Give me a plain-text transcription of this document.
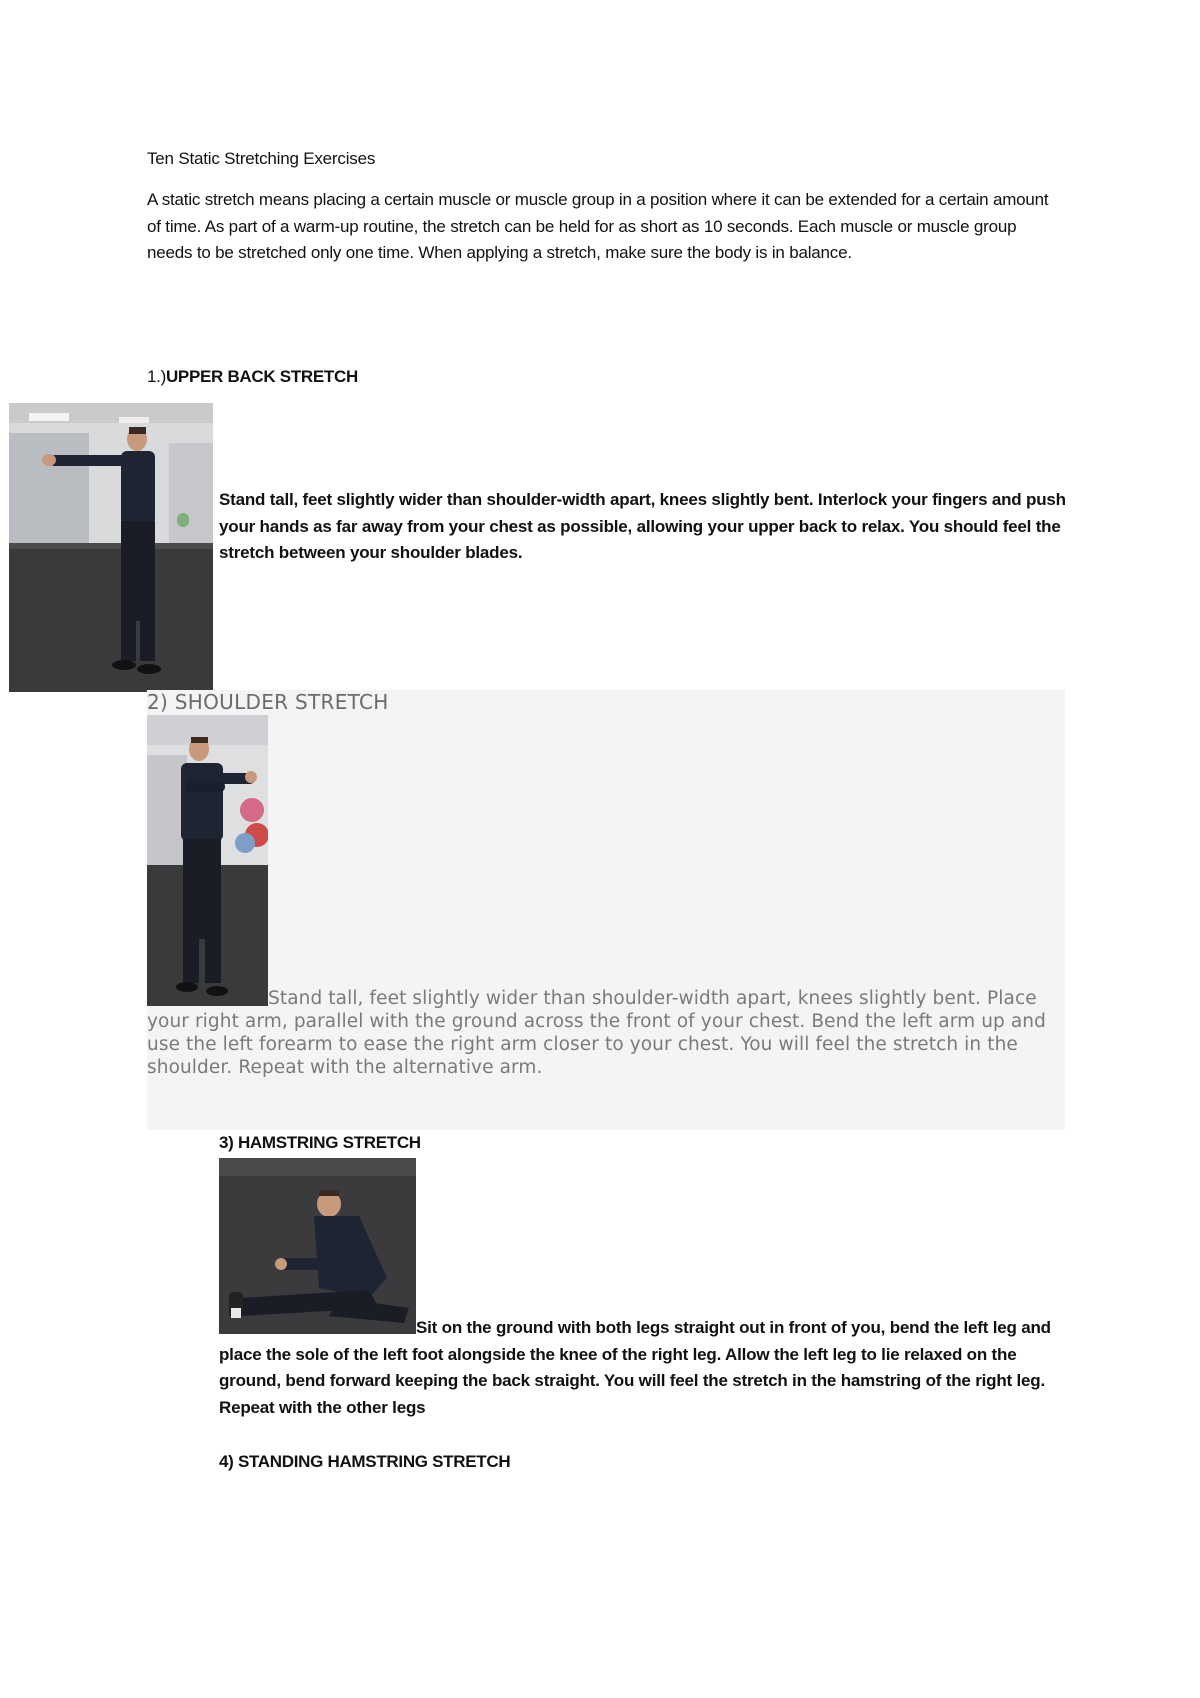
Ten Static Stretching Exercises
A static stretch means placing a certain muscle or muscle group in a position where it can be extended for a certain amount of time. As part of a warm-up routine, the stretch can be held for as short as 10 seconds. Each muscle or muscle group needs to be stretched only one time. When applying a stretch, make sure the body is in balance.
1.)UPPER BACK STRETCH
Stand tall, feet slightly wider than shoulder-width apart, knees slightly bent. Interlock your fingers and push your hands as far away from your chest as possible, allowing your upper back to relax. You should feel the stretch between your shoulder blades.
2) SHOULDER STRETCH
Stand tall, feet slightly wider than shoulder-width apart, knees slightly bent. Place your right arm, parallel with the ground across the front of your chest. Bend the left arm up and use the left forearm to ease the right arm closer to your chest. You will feel the stretch in the shoulder. Repeat with the alternative arm.
3) HAMSTRING STRETCH
Sit on the ground with both legs straight out in front of you, bend the left leg and place the sole of the left foot alongside the knee of the right leg. Allow the left leg to lie relaxed on the ground, bend forward keeping the back straight. You will feel the stretch in the hamstring of the right leg. Repeat with the other legs
4) STANDING HAMSTRING STRETCH
